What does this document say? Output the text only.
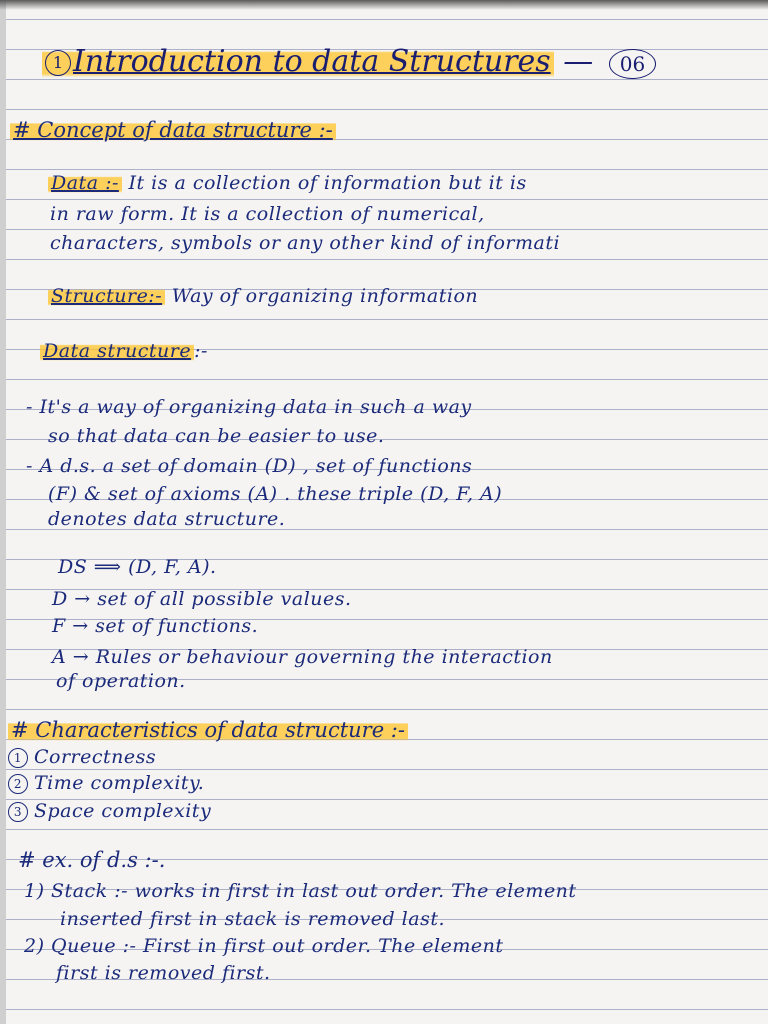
1 Introduction to data Structures — 06
# Concept of data structure :-
Data :- It is a collection of information but it is
in raw form. It is a collection of numerical,
characters, symbols or any other kind of informati
Structure:- Way of organizing information
Data structure :-
- It's a way of organizing data in such a way
so that data can be easier to use.
- A d.s. a set of domain (D) , set of functions
(F) & set of axioms (A) . these triple (D, F, A)
denotes data structure.
DS ⟹ (D, F, A).
D → set of all possible values.
F → set of functions.
A → Rules or behaviour governing the interaction
of operation.
# Characteristics of data structure :-
1 Correctness
2 Time complexity.
3 Space complexity
# ex. of d.s :-.
1) Stack :- works in first in last out order. The element
inserted first in stack is removed last.
2) Queue :- First in first out order. The element
first is removed first.
